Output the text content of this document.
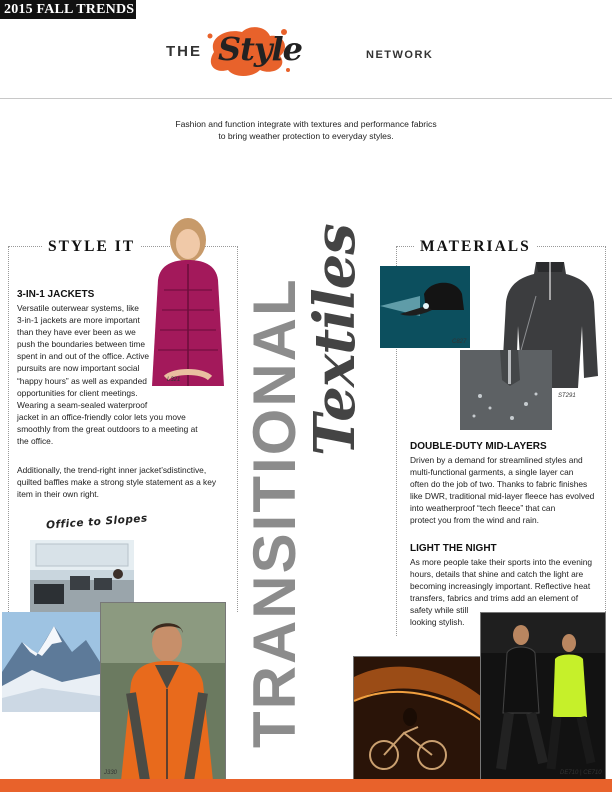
2015 FALL TRENDS
THE Style	NETWORK
Fashion and function integrate with textures and performance fabrics
to bring weather protection to everyday styles.
STYLE IT
3-IN-1 JACKETS
Versatile outerwear systems, like
3-in-1 jackets are more important
than they have ever been as we
push the boundaries between time
spent in and out of the office. Active
pursuits are now important social
“happy hours” as well as expanded
opportunities for client meetings.
Wearing a seam-sealed waterproof
jacket in an office-friendly color lets you move
smoothly from the great outdoors to a meeting at
the office.
Additionally, the trend-right inner jacket’sdistinctive,
quilted baffles make a strong style statement as a key
item in their own right.
L321
Office to Slopes
J330
TRANSITIONAL
Textiles	MATERIALS
C827
ST291
DOUBLE-DUTY MID-LAYERS
Driven by a demand for streamlined styles and
multi-functional garments, a single layer can
often do the job of two. Thanks to fabric finishes
like DWR, traditional mid-layer fleece has evolved
into weatherproof “tech fleece” that can
protect you from the wind and rain.
LIGHT THE NIGHT
As more people take their sports into the evening
hours, details that shine and catch the light are
becoming increasingly important. Reflective heat
transfers, fabrics and trims add an element of
safety while still
looking stylish.
DE710 | CE710
